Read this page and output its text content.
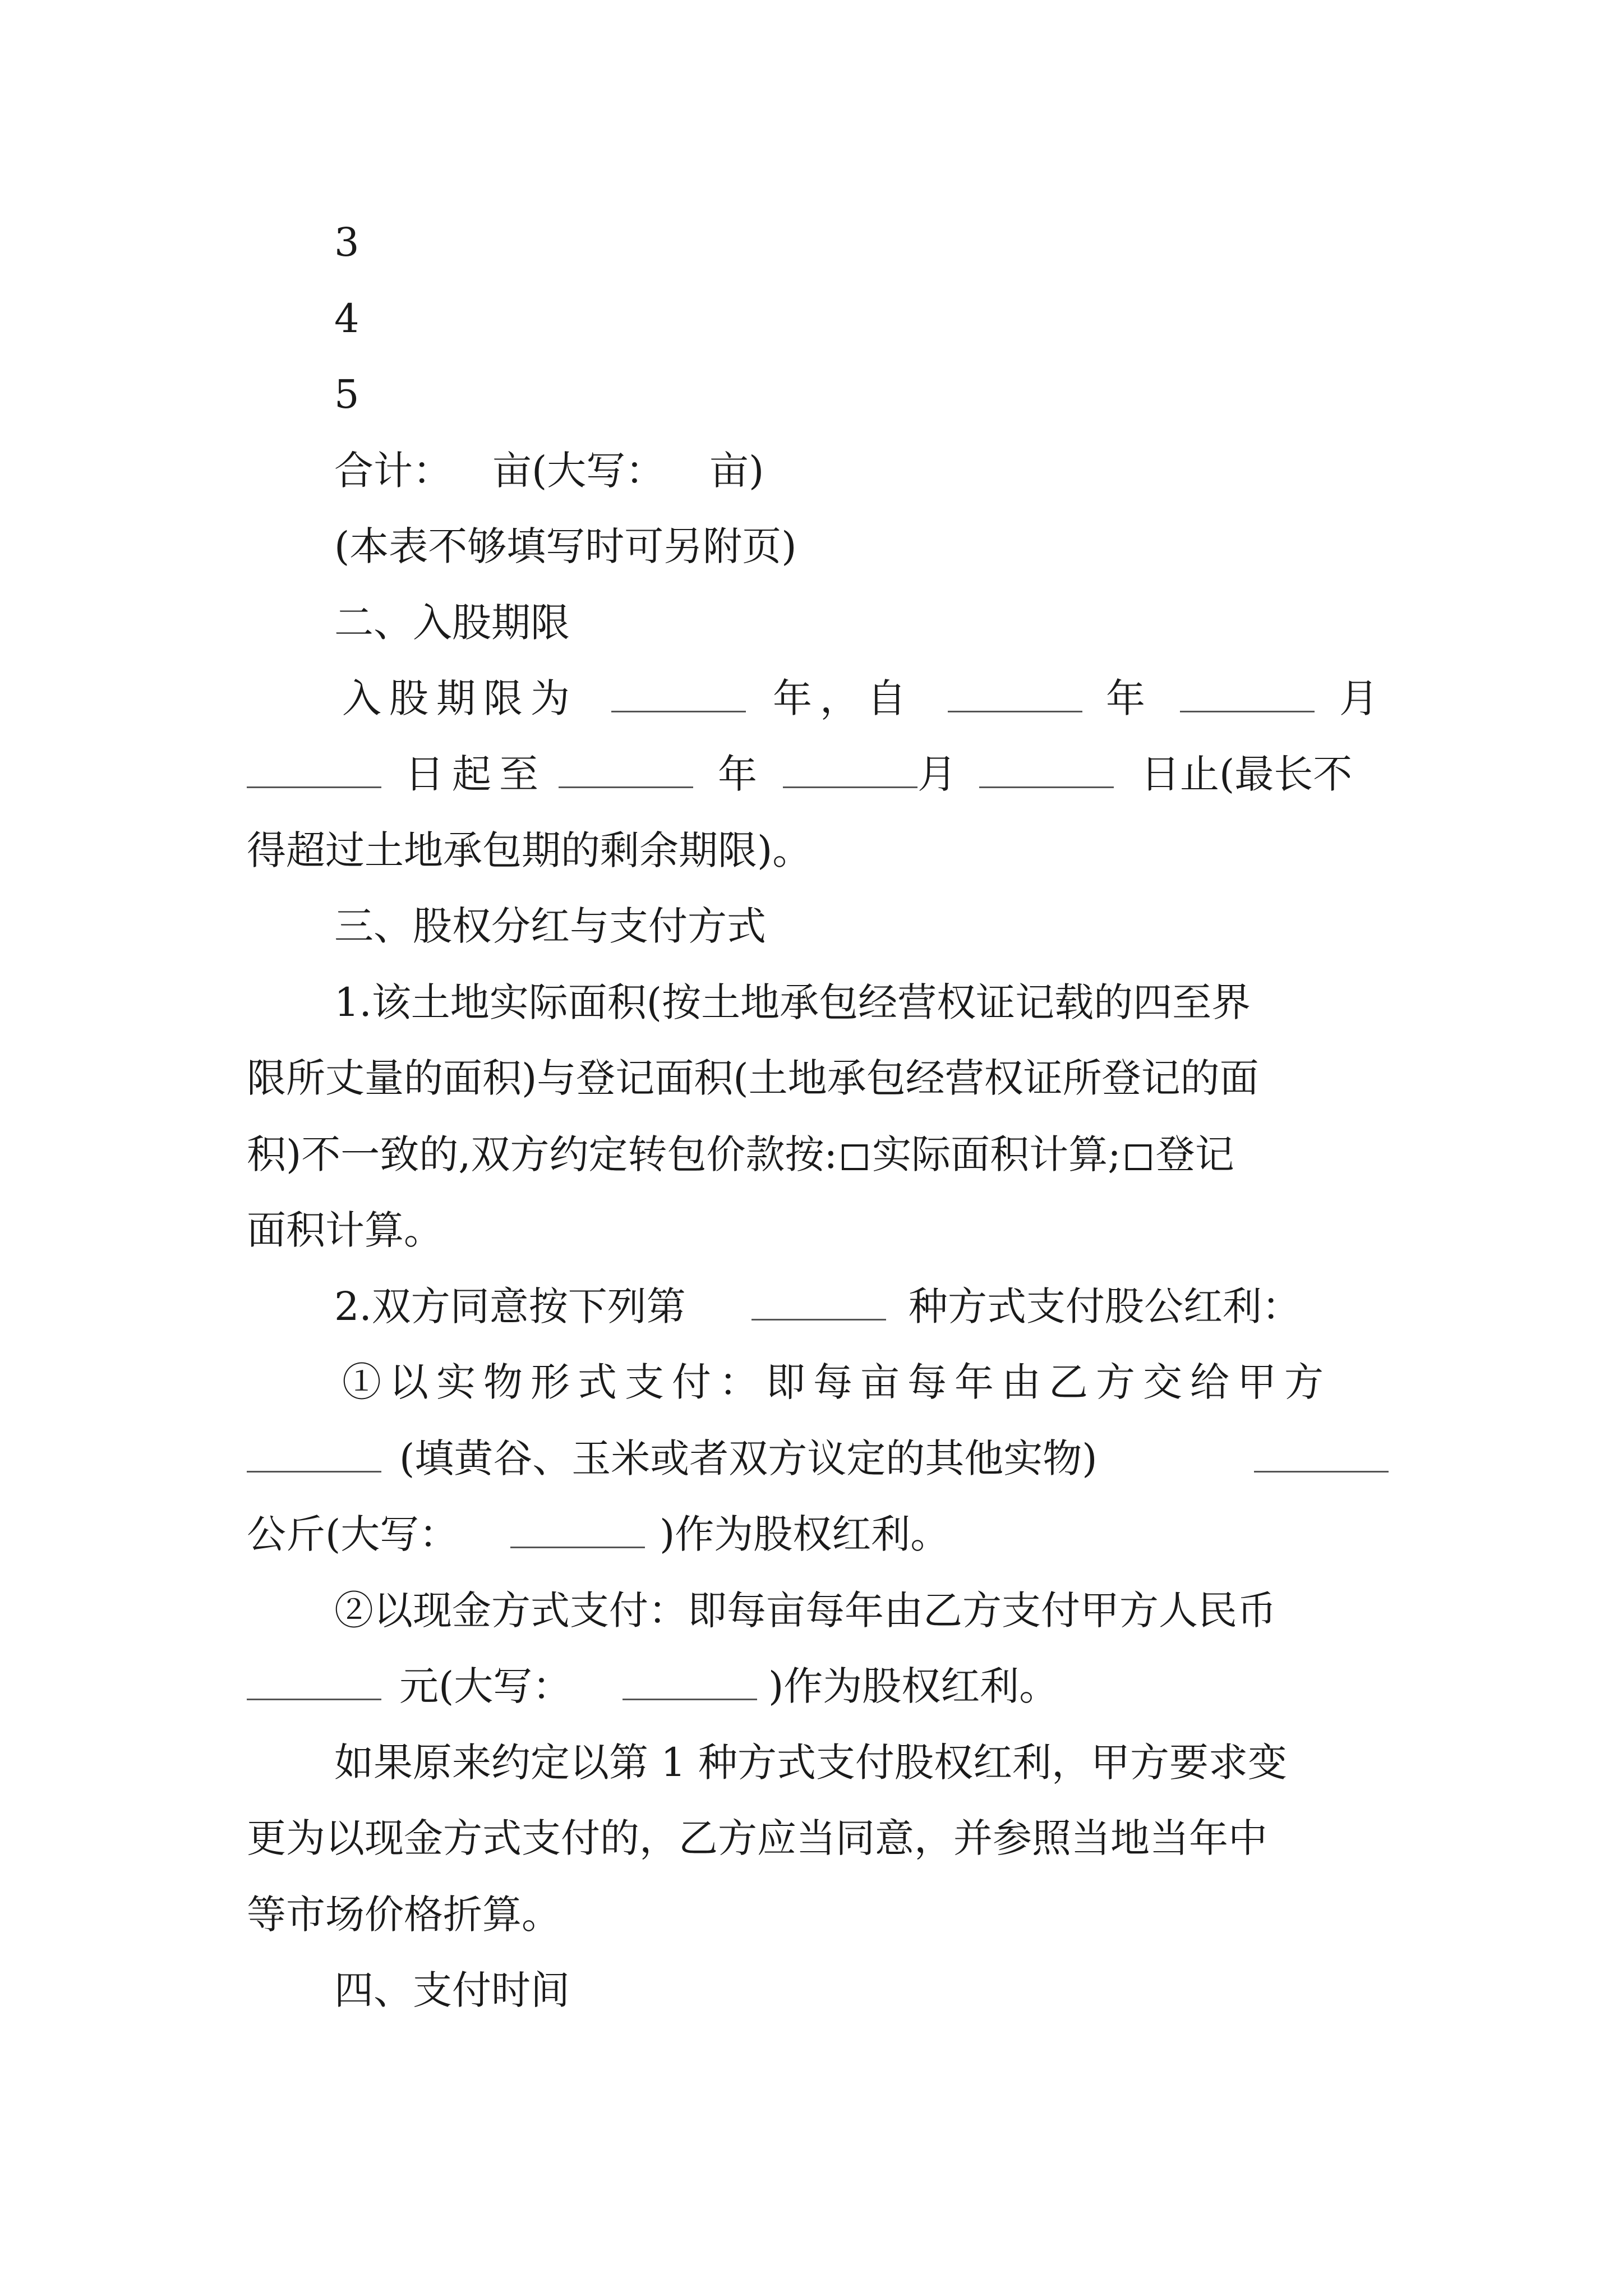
3

4

5

合计：

亩(大写：

亩)

(本表不够填写时可另附页)

二、入股期限

入股期限为

	年，自

	年

	月

日起至

	年

	月

	日止(最长不

得超过土地承包期的剩余期限)。

三、股权分红与支付方式

1.该土地实际面积(按土地承包经营权证记载的四至界

限所丈量的面积)与登记面积(土地承包经营权证所登记的面

积)不一致的,双方约定转包价款按: 实际面积计算; 登记

面积计算。

2.双方同意按下列第

	种方式支付股公红利：

①以实物形式支付：即每亩每年由乙方交给甲方

(填黄谷、玉米或者双方议定的其他实物)

公斤(大写：

	)作为股权红利。

②以现金方式支付：即每亩每年由乙方支付甲方人民币

元(大写：

	)作为股权红利。

如果原来约定以第 1 种方式支付股权红利，甲方要求变

更为以现金方式支付的，乙方应当同意，并参照当地当年中

等市场价格折算。

四、支付时间
